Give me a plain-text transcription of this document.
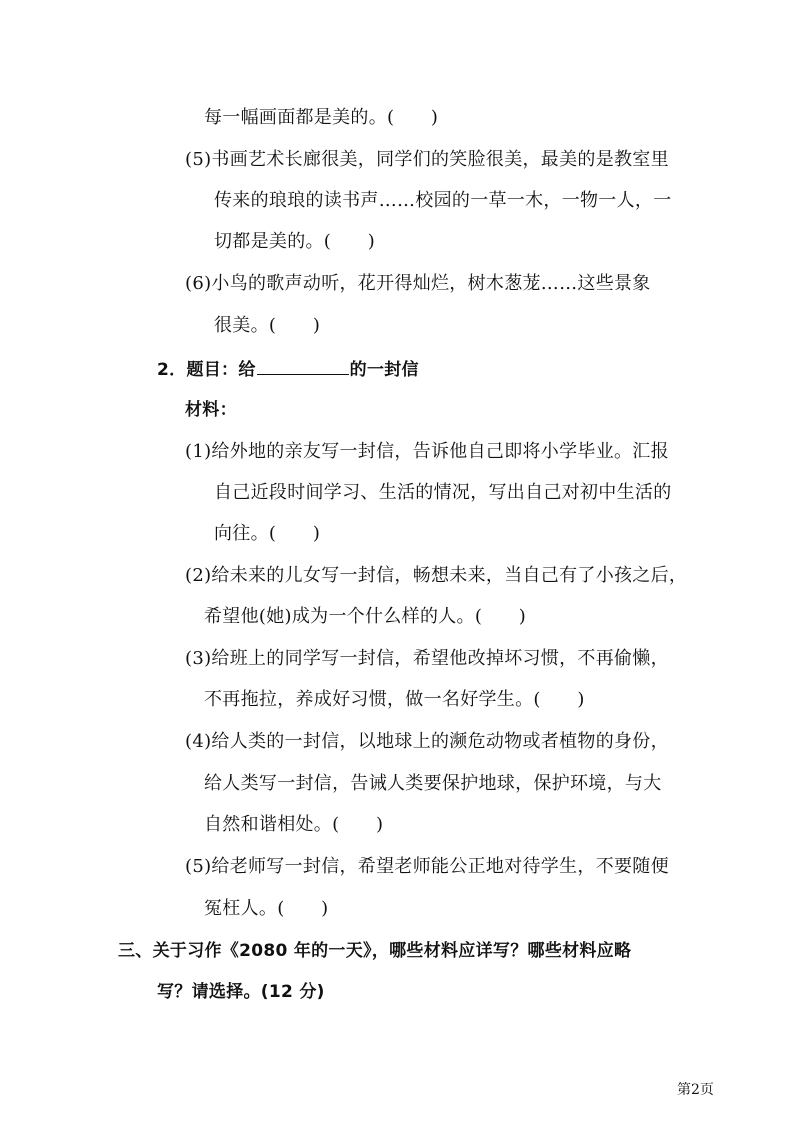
每一幅画面都是美的。(　　)
(5)书画艺术长廊很美，同学们的笑脸很美，最美的是教室里
传来的琅琅的读书声……校园的一草一木，一物一人，一
切都是美的。(　　)
(6)小鸟的歌声动听，花开得灿烂，树木葱茏……这些景象
很美。(　　)
2．题目：给	的一封信
材料：
(1)给外地的亲友写一封信，告诉他自己即将小学毕业。汇报
自己近段时间学习、生活的情况，写出自己对初中生活的
向往。(　　)
(2)给未来的儿女写一封信，畅想未来，当自己有了小孩之后，
希望他(她)成为一个什么样的人。(　　)
(3)给班上的同学写一封信，希望他改掉坏习惯，不再偷懒，
不再拖拉，养成好习惯，做一名好学生。(　　)
(4)给人类的一封信，以地球上的濒危动物或者植物的身份，
给人类写一封信，告诫人类要保护地球，保护环境，与大
自然和谐相处。(　　)
(5)给老师写一封信，希望老师能公正地对待学生，不要随便
冤枉人。(　　)
三、关于习作《2080 年的一天》，哪些材料应详写？哪些材料应略
写？请选择。(12 分)
第2页
